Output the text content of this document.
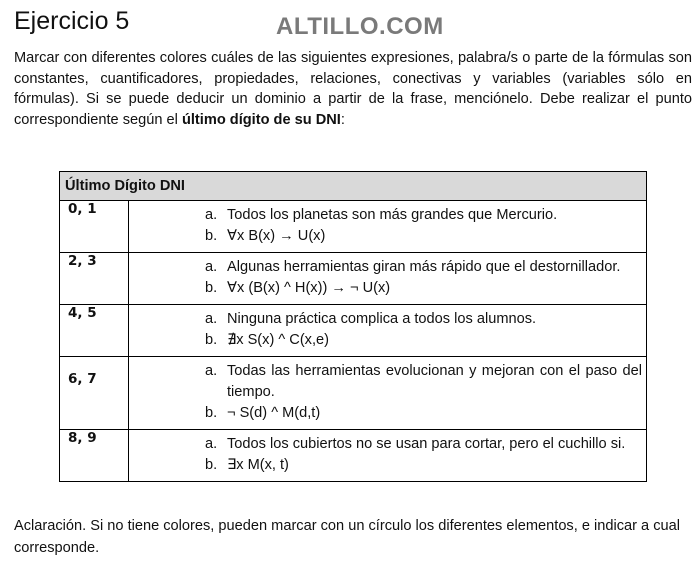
Ejercicio 5	ALTILLO.COM
Marcar con diferentes colores cuáles de las siguientes expresiones, palabra/s o parte de la fórmulas son constantes, cuantificadores, propiedades, relaciones, conectivas y variables (variables sólo en fórmulas). Si se puede deducir un dominio a partir de la frase, menciónelo. Debe realizar el punto correspondiente según el último dígito de su DNI:
Último Dígito DNI	
0, 1	a. Todos los planetas son más grandes que Mercurio.
b. ∀x B(x) → U(x)

2, 3	a. Algunas herramientas giran más rápido que el destornillador.
b. ∀x (B(x) ^ H(x)) → ¬ U(x)

4, 5	a. Ninguna práctica complica a todos los alumnos.
b. ∄x S(x) ^ C(x,e)

6, 7	a. Todas las herramientas evolucionan y mejoran con el paso del tiempo.
b. ¬ S(d) ^ M(d,t)

8, 9	a. Todos los cubiertos no se usan para cortar, pero el cuchillo si.
b. ∃x M(x, t)
Aclaración. Si no tiene colores, pueden marcar con un círculo los diferentes elementos, e indicar a cual corresponde.
